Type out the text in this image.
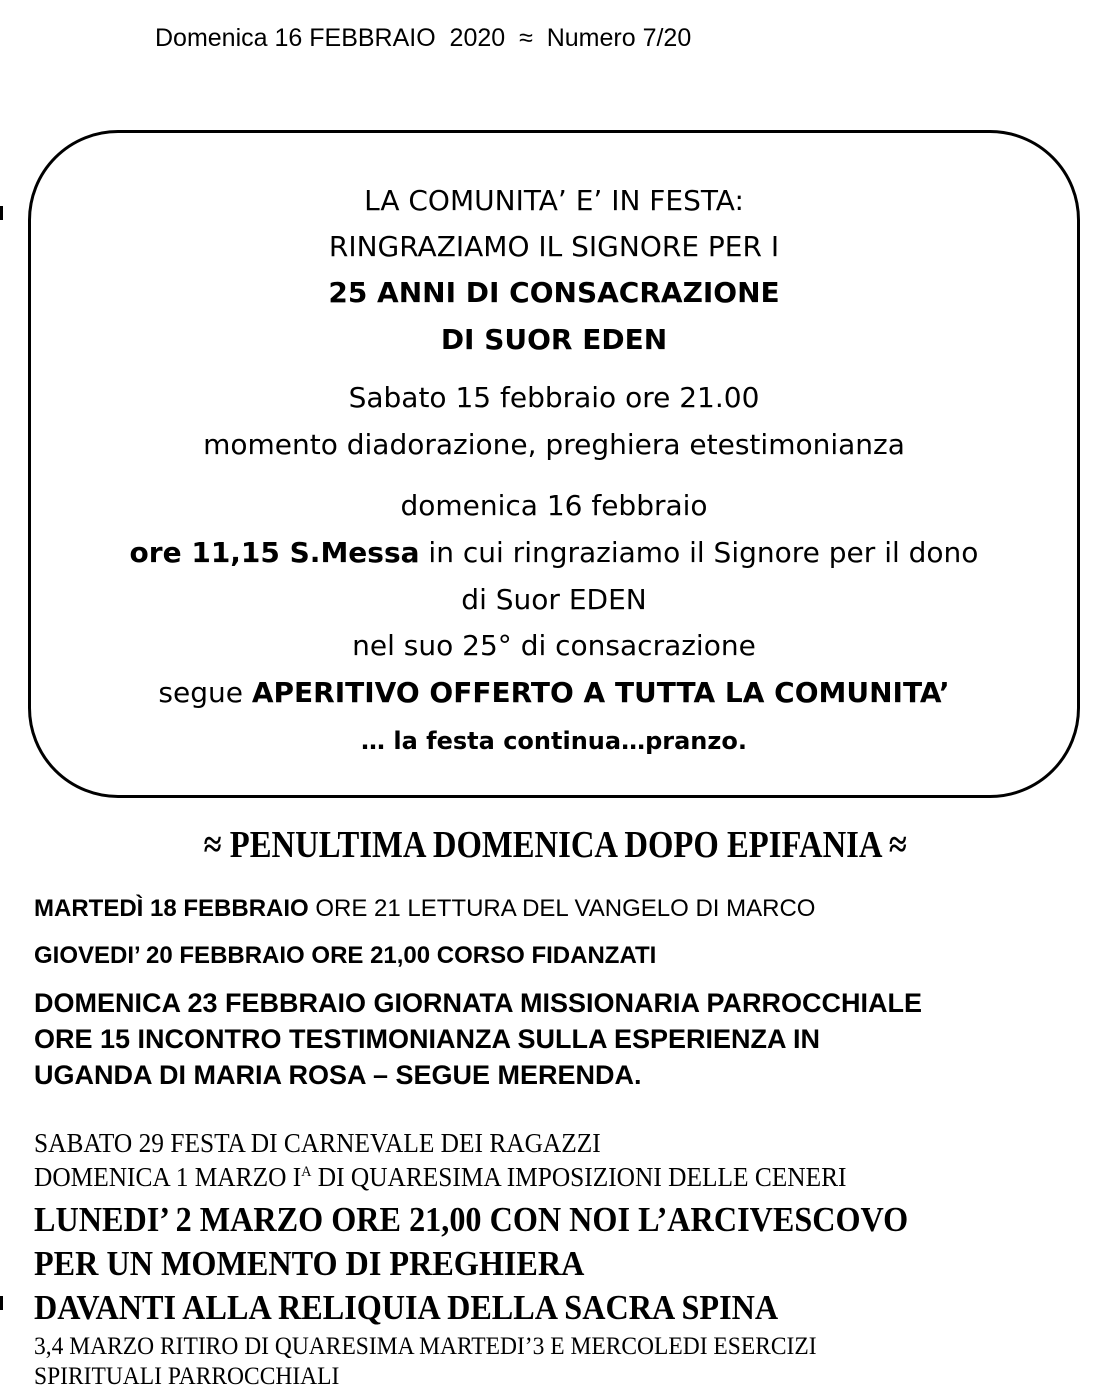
Domenica 16 FEBBRAIO  2020 ≈ Numero 7/20
LA COMUNITA’ E’ IN FESTA:
RINGRAZIAMO IL SIGNORE PER I
25 ANNI DI CONSACRAZIONE
DI SUOR EDEN
Sabato 15 febbraio ore 21.00
momento diadorazione, preghiera etestimonianza
domenica 16 febbraio
ore 11,15 S.Messa in cui ringraziamo il Signore per il dono
di Suor EDEN
nel suo 25° di consacrazione
segue APERITIVO OFFERTO A TUTTA LA COMUNITA’
… la festa continua…pranzo.
≈ PENULTIMA DOMENICA DOPO EPIFANIA ≈
MARTEDÌ 18 FEBBRAIO ORE 21 LETTURA DEL VANGELO DI MARCO
GIOVEDI’ 20 FEBBRAIO ORE 21,00 CORSO FIDANZATI
DOMENICA 23 FEBBRAIO GIORNATA MISSIONARIA PARROCCHIALE
ORE 15 INCONTRO TESTIMONIANZA SULLA ESPERIENZA IN
UGANDA DI MARIA ROSA – SEGUE MERENDA.
SABATO 29 FESTA DI CARNEVALE DEI RAGAZZI
DOMENICA 1 MARZO $I^A$ DI QUARESIMA IMPOSIZIONI DELLE CENERI
LUNEDI’ 2 MARZO ORE 21,00 CON NOI L’ARCIVESCOVO
PER UN MOMENTO DI PREGHIERA
DAVANTI ALLA RELIQUIA DELLA SACRA SPINA
3,4 MARZO RITIRO DI QUARESIMA MARTEDI’3 E MERCOLEDI ESERCIZI
SPIRITUALI PARROCCHIALI
